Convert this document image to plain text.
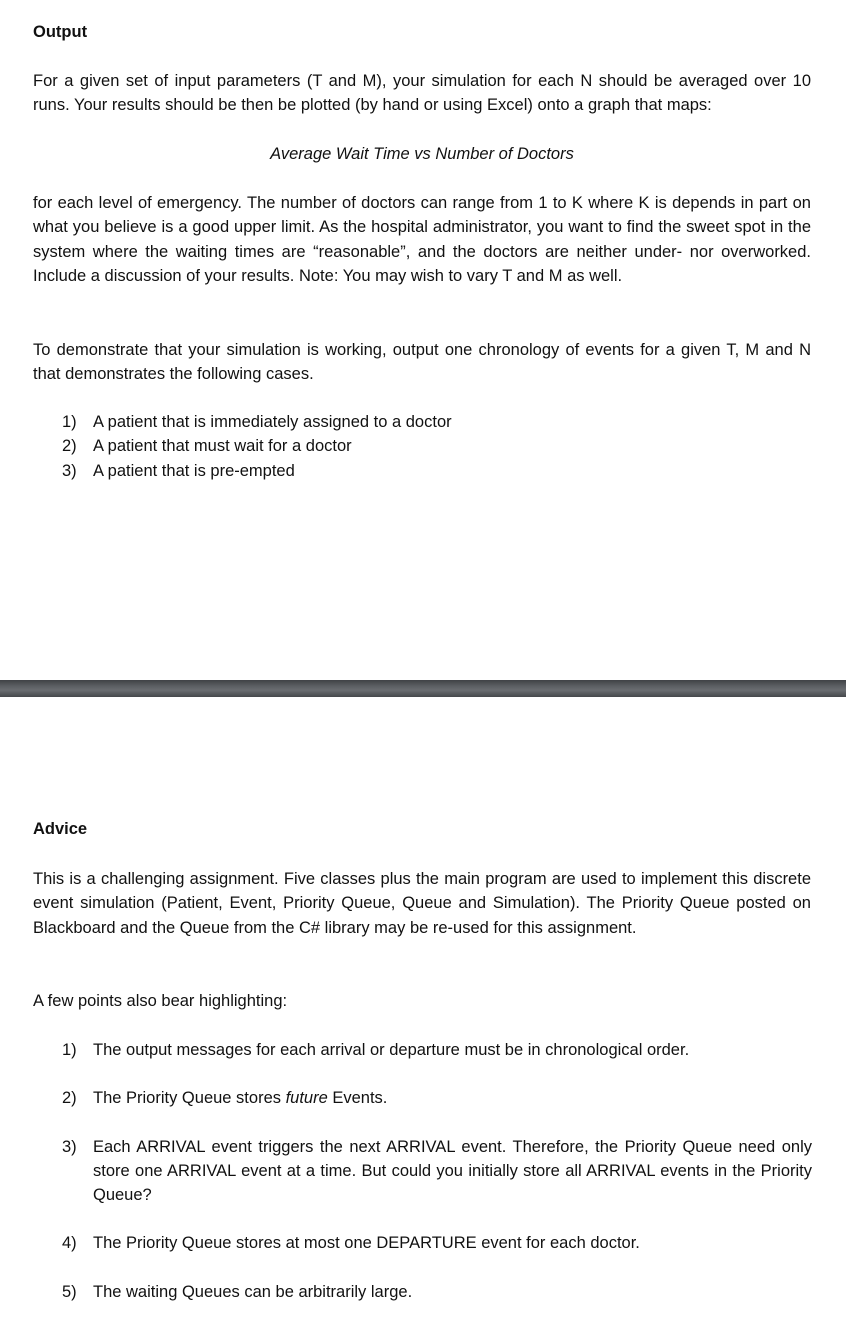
Output

For a given set of input parameters (T and M), your simulation for each N should be averaged over 10 runs. Your results should be then be plotted (by hand or using Excel) onto a graph that maps:

Average Wait Time vs Number of Doctors

for each level of emergency. The number of doctors can range from 1 to K where K is depends in part on what you believe is a good upper limit. As the hospital administrator, you want to find the sweet spot in the system where the waiting times are “reasonable”, and the doctors are neither under- nor overworked. Include a discussion of your results. Note: You may wish to vary T and M as well.

To demonstrate that your simulation is working, output one chronology of events for a given T, M and N that demonstrates the following cases.

1) A patient that is immediately assigned to a doctor
2) A patient that must wait for a doctor
3) A patient that is pre-empted
Advice

This is a challenging assignment. Five classes plus the main program are used to implement this discrete event simulation (Patient, Event, Priority Queue, Queue and Simulation). The Priority Queue posted on Blackboard and the Queue from the C# library may be re-used for this assignment.

A few points also bear highlighting:

1) The output messages for each arrival or departure must be in chronological order.
2) The Priority Queue stores future Events.
3) Each ARRIVAL event triggers the next ARRIVAL event. Therefore, the Priority Queue need only store one ARRIVAL event at a time. But could you initially store all ARRIVAL events in the Priority Queue?
4) The Priority Queue stores at most one DEPARTURE event for each doctor.
5) The waiting Queues can be arbitrarily large.
